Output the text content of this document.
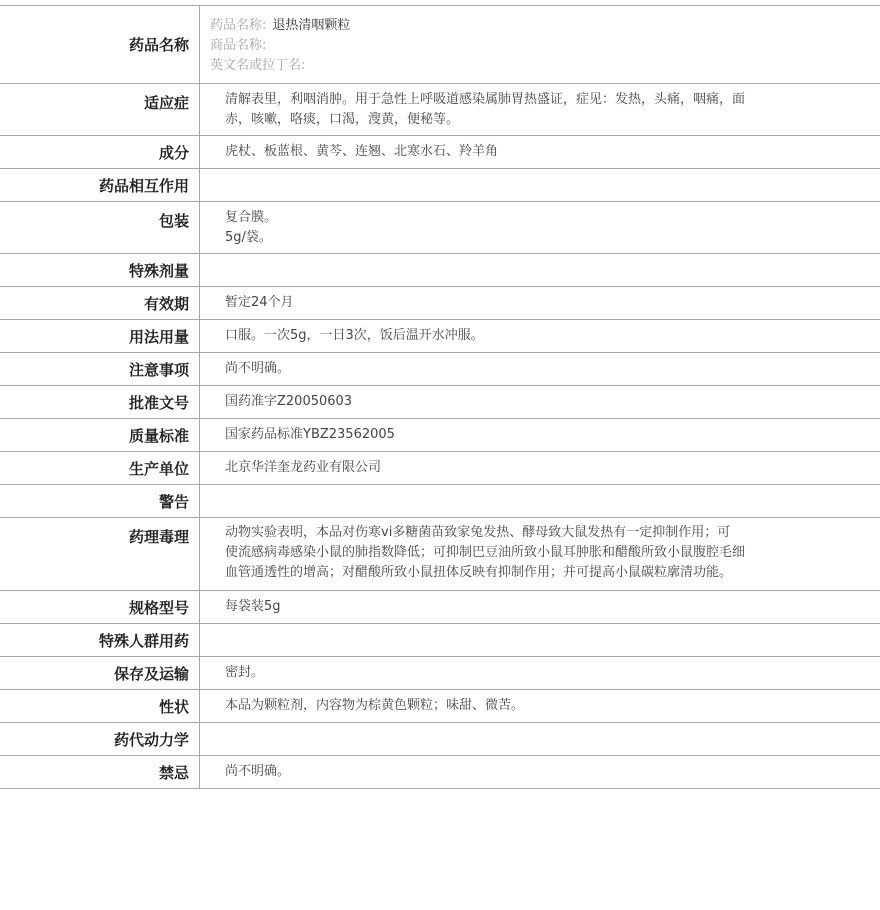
药品名称
药品名称: 退热清咽颗粒
商品名称:
英文名或拉丁名:
适应症	清解表里，利咽消肿。用于急性上呼吸道感染属肺胃热盛证，症见：发热，头痛，咽痛，面
赤，咳嗽，咯痰，口渴，溲黄，便秘等。
成分	虎杖、板蓝根、黄芩、连翘、北寒水石、羚羊角
药品相互作用
包装	复合膜。
5g/袋。
特殊剂量
有效期	暂定24个月
用法用量	口服。一次5g，一日3次，饭后温开水冲服。
注意事项	尚不明确。
批准文号	国药准字Z20050603
质量标准	国家药品标准YBZ23562005
生产单位	北京华洋奎龙药业有限公司
警告
药理毒理	动物实验表明，本品对伤寒vi多糖菌苗致家兔发热、酵母致大鼠发热有一定抑制作用；可
使流感病毒感染小鼠的肺指数降低；可抑制巴豆油所致小鼠耳肿胀和醋酸所致小鼠腹腔毛细
血管通透性的增高；对醋酸所致小鼠扭体反映有抑制作用；并可提高小鼠碳粒廓清功能。
规格型号	每袋装5g
特殊人群用药
保存及运输	密封。
性状	本品为颗粒剂，内容物为棕黄色颗粒；味甜、微苦。
药代动力学
禁忌	尚不明确。
